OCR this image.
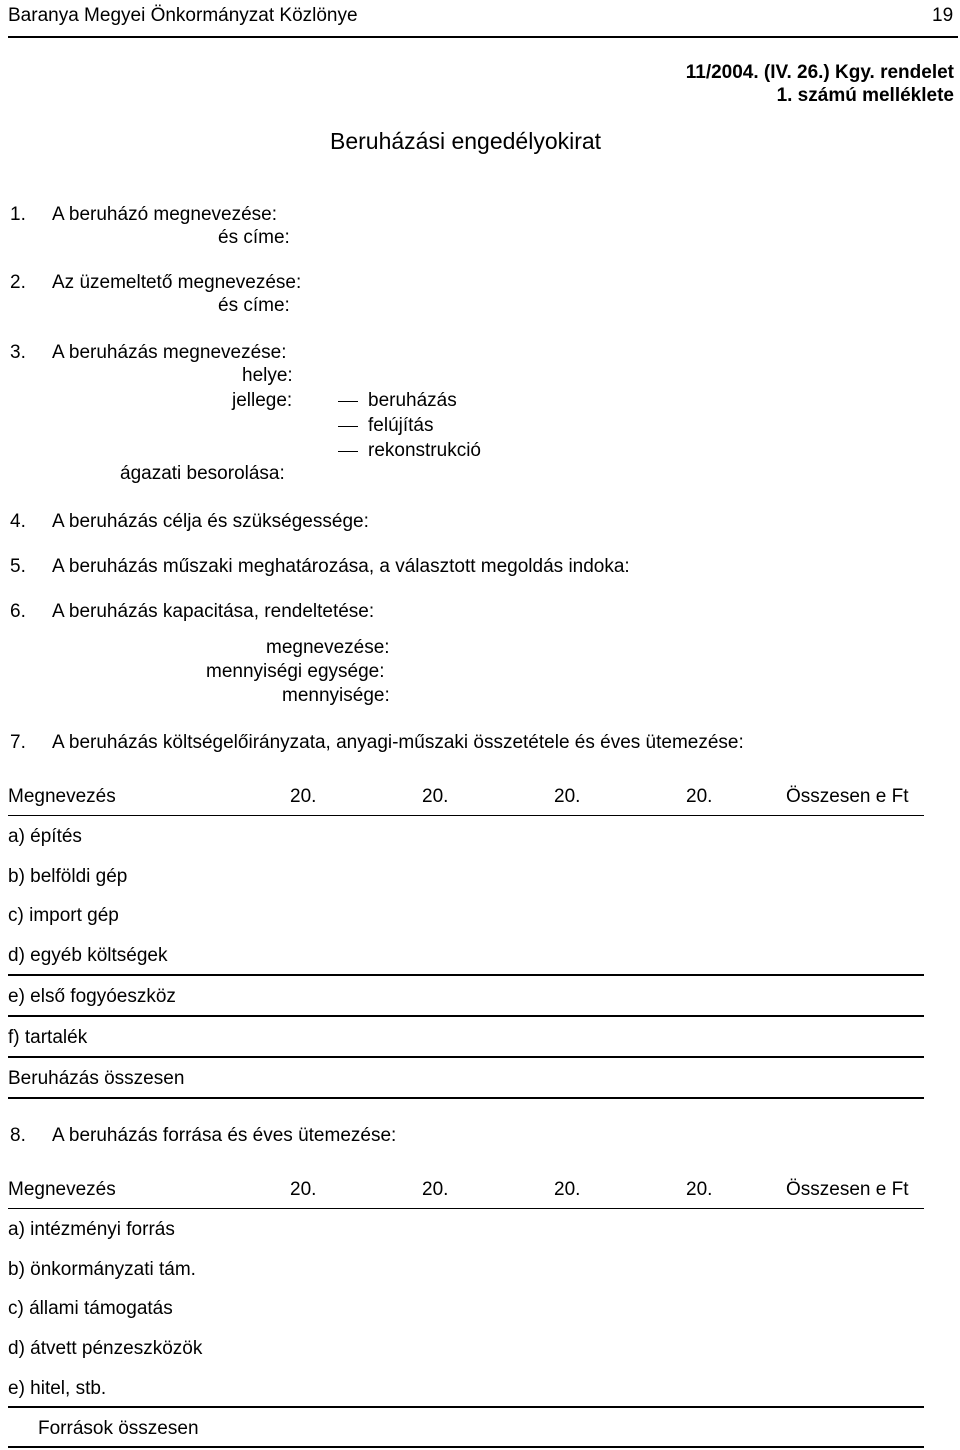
Baranya Megyei Önkormányzat Közlönye	19
11/2004. (IV. 26.) Kgy. rendelet
1. számú melléklete
Beruházási engedélyokirat
1. A beruházó megnevezése:
és címe:
2. Az üzemeltető megnevezése:
és címe:
3. A beruházás megnevezése:
helye:
jellege:	beruházás
felújítás
rekonstrukció
ágazati besorolása:
4. A beruházás célja és szükségessége:
5. A beruházás műszaki meghatározása, a választott megoldás indoka:
6. A beruházás kapacitása, rendeltetése:
megnevezése:
mennyiségi egysége:
mennyisége:
7. A beruházás költségelőirányzata, anyagi-műszaki összetétele és éves ütemezése:
Megnevezés	20.	20.	20.	20.	Összesen e Ft
a) építés
b) belföldi gép
c) import gép
d) egyéb költségek
e) első fogyóeszköz
f) tartalék
Beruházás összesen
8. A beruházás forrása és éves ütemezése:
Megnevezés	20.	20.	20.	20.	Összesen e Ft
a) intézményi forrás
b) önkormányzati tám.
c) állami támogatás
d) átvett pénzeszközök
e) hitel, stb.
Források összesen
